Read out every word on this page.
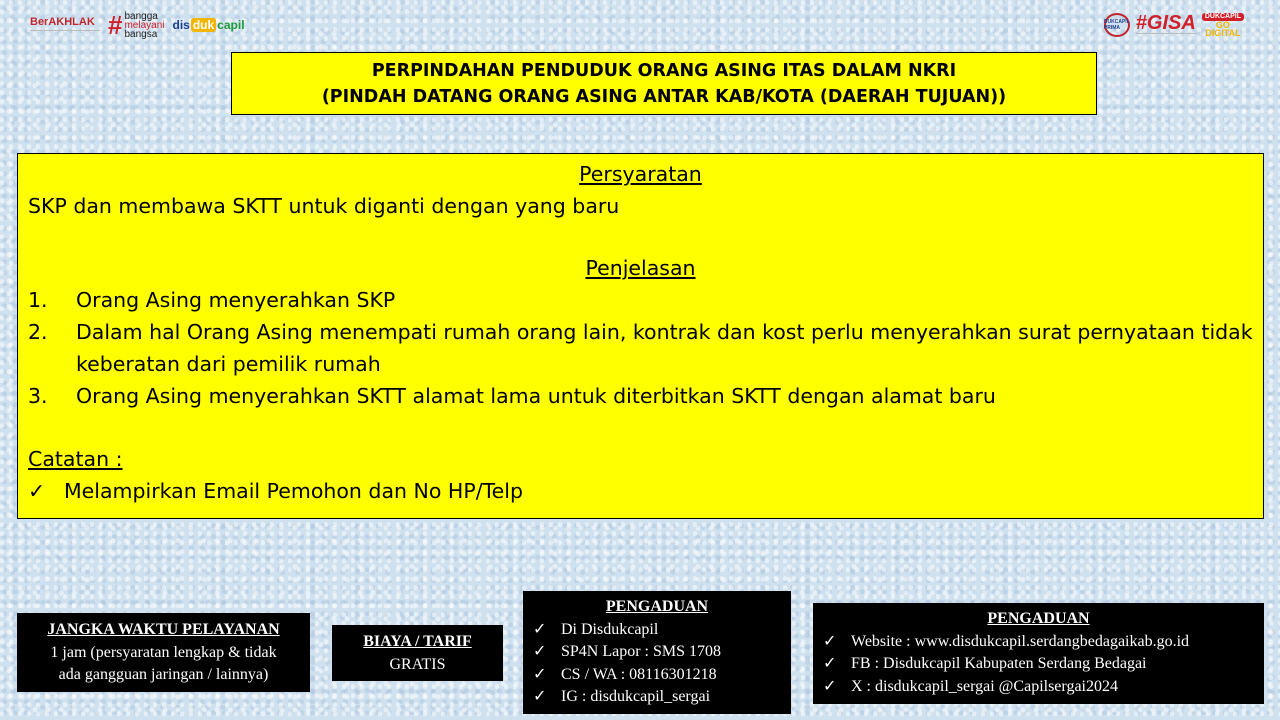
BerAKHLAK # bangga
melayani
bangsa
dis duk capil	DUKCAPIL PRIMA #GISA	DUKCAPIL
GO
DIGITAL
PERPINDAHAN PENDUDUK ORANG ASING ITAS DALAM NKRI
(PINDAH DATANG ORANG ASING ANTAR KAB/KOTA (DAERAH TUJUAN))
Persyaratan
SKP dan membawa SKTT untuk diganti dengan yang baru
Penjelasan
1.	Orang Asing menyerahkan SKP
2.	Dalam hal Orang Asing menempati rumah orang lain, kontrak dan kost perlu menyerahkan surat pernyataan tidak keberatan dari pemilik rumah
3.	Orang Asing menyerahkan SKTT alamat lama untuk diterbitkan SKTT dengan alamat baru
Catatan :
✓ Melampirkan Email Pemohon dan No HP/Telp
JANGKA WAKTU PELAYANAN
1 jam (persyaratan lengkap & tidak
ada gangguan jaringan / lainnya)
BIAYA / TARIF
GRATIS
PENGADUAN
✓ Di Disdukcapil
✓ SP4N Lapor : SMS 1708
✓ CS / WA : 08116301218
✓ IG : disdukcapil_sergai
PENGADUAN
✓ Website : www.disdukcapil.serdangbedagaikab.go.id
✓ FB : Disdukcapil Kabupaten Serdang Bedagai
✓ X : disdukcapil_sergai @Capilsergai2024
